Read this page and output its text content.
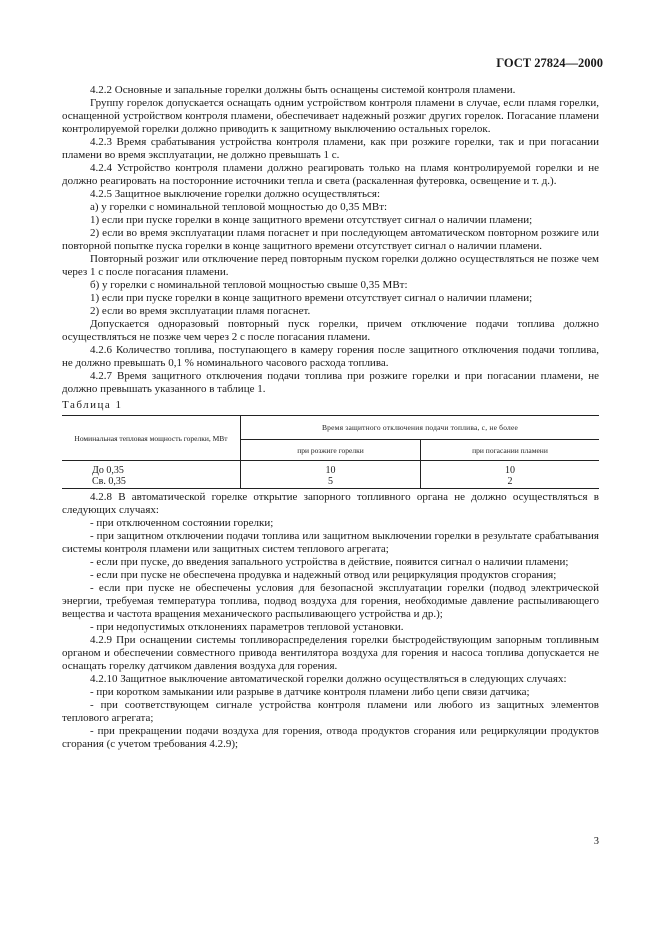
ГОСТ 27824—2000

4.2.2 Основные и запальные горелки должны быть оснащены системой контроля пламени.

Группу горелок допускается оснащать одним устройством контроля пламени в случае, если пламя горелки, оснащенной устройством контроля пламени, обеспечивает надежный розжиг других горелок. Погасание пламени контролируемой горелки должно приводить к защитному выключению остальных горелок.

4.2.3 Время срабатывания устройства контроля пламени, как при розжиге горелки, так и при погасании пламени во время эксплуатации, не должно превышать 1 с.

4.2.4 Устройство контроля пламени должно реагировать только на пламя контролируемой горелки и не должно реагировать на посторонние источники тепла и света (раскаленная футеровка, освещение и т. д.).

4.2.5 Защитное выключение горелки должно осуществляться:

а) у горелки с номинальной тепловой мощностью до 0,35 МВт:

1) если при пуске горелки в конце защитного времени отсутствует сигнал о наличии пламени;

2) если во время эксплуатации пламя погаснет и при последующем автоматическом повторном розжиге или повторной попытке пуска горелки в конце защитного времени отсутствует сигнал о наличии пламени.

Повторный розжиг или отключение перед повторным пуском горелки должно осуществляться не позже чем через 1 с после погасания пламени.

б) у горелки с номинальной тепловой мощностью свыше 0,35 МВт:

1) если при пуске горелки в конце защитного времени отсутствует сигнал о наличии пламени;

2) если во время эксплуатации пламя погаснет.

Допускается одноразовый повторный пуск горелки, причем отключение подачи топлива должно осуществляться не позже чем через 2 с после погасания пламени.

4.2.6 Количество топлива, поступающего в камеру горения после защитного отключения подачи топлива, не должно превышать 0,1 % номинального часового расхода топлива.

4.2.7 Время защитного отключения подачи топлива при розжиге горелки и при погасании пламени, не должно превышать указанного в таблице 1.

Таблица 1
Номинальная тепловая мощность горелки, МВт	Время защитного отключения подачи топлива, с, не более	
	при розжиге горелки	при погасании пламени
До 0,35	10	10
Св. 0,35	5	2

4.2.8 В автоматической горелке открытие запорного топливного органа не должно осуществляться в следующих случаях:

- при отключенном состоянии горелки;

- при защитном отключении подачи топлива или защитном выключении горелки в результате срабатывания системы контроля пламени или защитных систем теплового агрегата;

- если при пуске, до введения запального устройства в действие, появится сигнал о наличии пламени;

- если при пуске не обеспечена продувка и надежный отвод или рециркуляция продуктов сгорания;

- если при пуске не обеспечены условия для безопасной эксплуатации горелки (подвод электрической энергии, требуемая температура топлива, подвод воздуха для горения, необходимые давление распыливающего вещества и частота вращения механического распыливающего устройства и др.);

- при недопустимых отклонениях параметров тепловой установки.

4.2.9 При оснащении системы топливораспределения горелки быстродействующим запорным топливным органом и обеспечении совместного привода вентилятора воздуха для горения и насоса топлива допускается не оснащать горелку датчиком давления воздуха для горения.

4.2.10 Защитное выключение автоматической горелки должно осуществляться в следующих случаях:

- при коротком замыкании или разрыве в датчике контроля пламени либо цепи связи датчика;

- при соответствующем сигнале устройства контроля пламени или любого из защитных элементов теплового агрегата;

- при прекращении подачи воздуха для горения, отвода продуктов сгорания или рециркуляции продуктов сгорания (с учетом требования 4.2.9);

3
